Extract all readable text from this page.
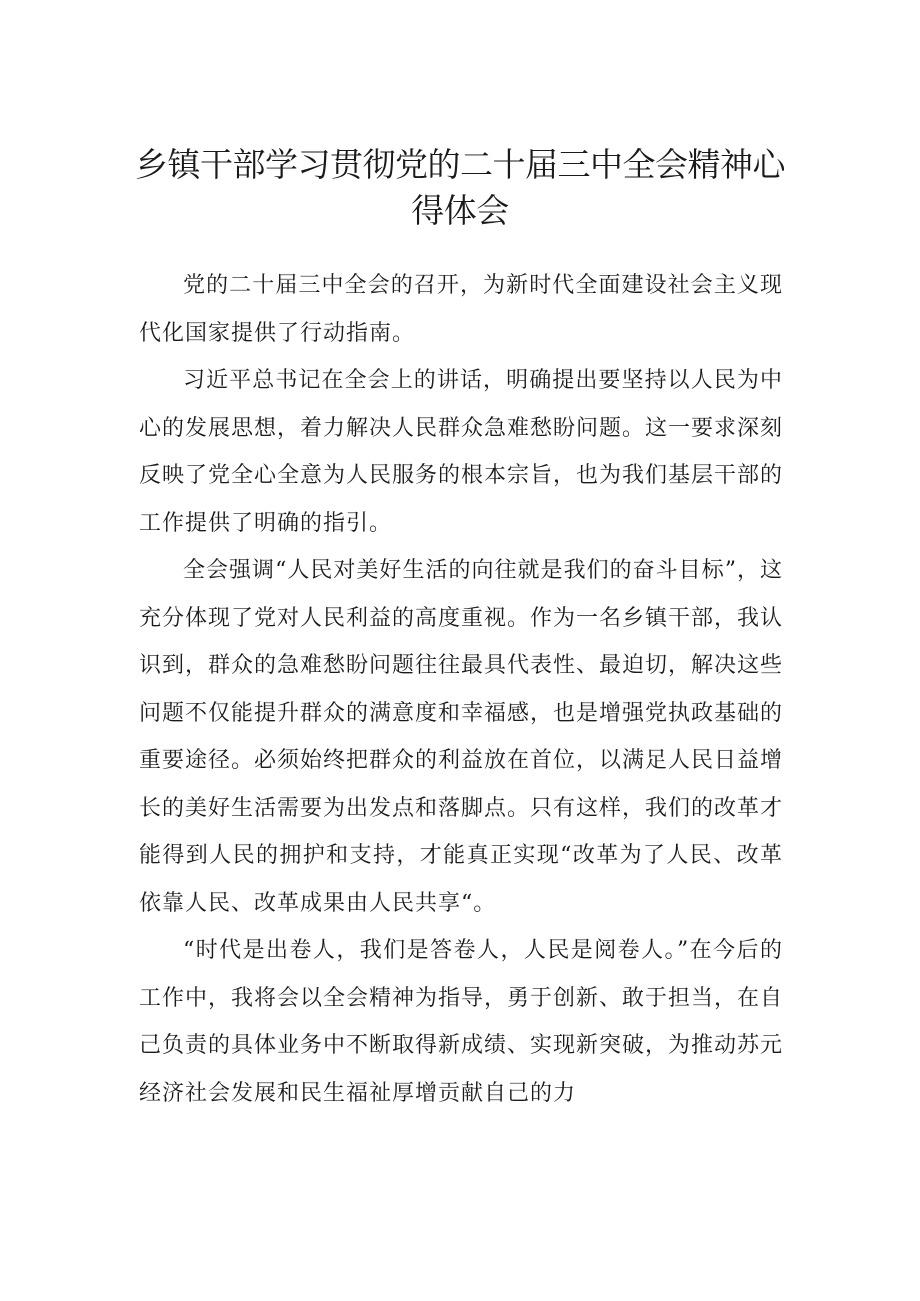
乡镇干部学习贯彻党的二十届三中全会精神心得体会

党的二十届三中全会的召开，为新时代全面建设社会主义现代化国家提供了行动指南。

习近平总书记在全会上的讲话，明确提出要坚持以人民为中心的发展思想，着力解决人民群众急难愁盼问题。这一要求深刻反映了党全心全意为人民服务的根本宗旨，也为我们基层干部的工作提供了明确的指引。

全会强调“人民对美好生活的向往就是我们的奋斗目标”，这充分体现了党对人民利益的高度重视。作为一名乡镇干部，我认识到，群众的急难愁盼问题往往最具代表性、最迫切，解决这些问题不仅能提升群众的满意度和幸福感，也是增强党执政基础的重要途径。必须始终把群众的利益放在首位，以满足人民日益增长的美好生活需要为出发点和落脚点。只有这样，我们的改革才能得到人民的拥护和支持，才能真正实现“改革为了人民、改革依靠人民、改革成果由人民共享“。

“时代是出卷人，我们是答卷人，人民是阅卷人。”在今后的工作中，我将会以全会精神为指导，勇于创新、敢于担当，在自己负责的具体业务中不断取得新成绩、实现新突破，为推动苏元经济社会发展和民生福祉厚增贡献自己的力
